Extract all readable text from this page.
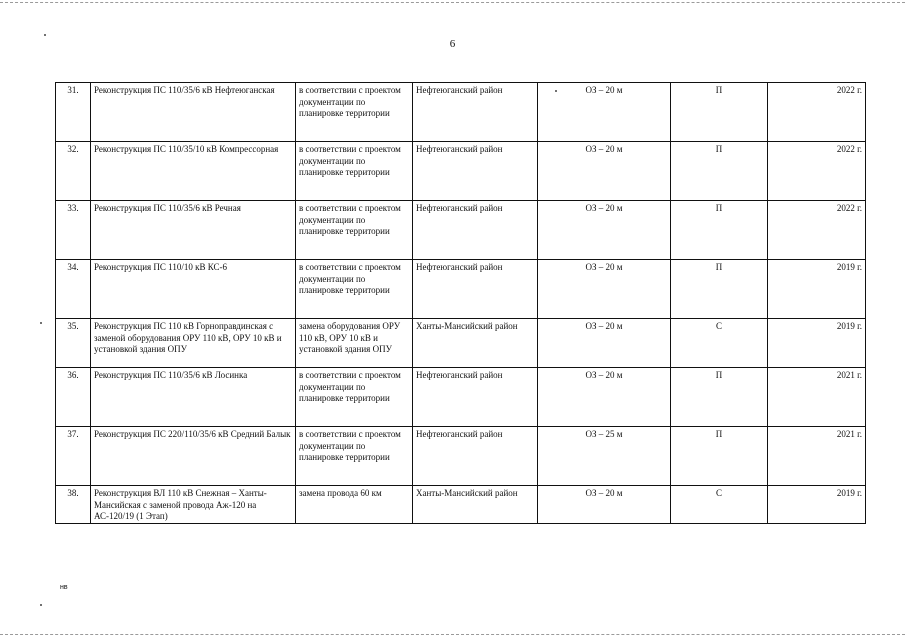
6
31.	Реконструкция ПС 110/35/6 кВ Нефтеюганская	в соответствии с проектом документации по планировке территории	Нефтеюганский район	ОЗ – 20 м	П	2022 г.
32.	Реконструкция ПС 110/35/10 кВ Компрессорная	в соответствии с проектом документации по планировке территории	Нефтеюганский район	ОЗ – 20 м	П	2022 г.
33.	Реконструкция ПС 110/35/6 кВ Речная	в соответствии с проектом документации по планировке территории	Нефтеюганский район	ОЗ – 20 м	П	2022 г.
34.	Реконструкция ПС 110/10 кВ КС-6	в соответствии с проектом документации по планировке территории	Нефтеюганский район	ОЗ – 20 м	П	2019 г.
35.	Реконструкция ПС 110 кВ Горноправдинская с заменой оборудования ОРУ 110 кВ, ОРУ 10 кВ и установкой здания ОПУ	замена оборудования ОРУ 110 кВ, ОРУ 10 кВ и установкой здания ОПУ	Ханты-Мансийский район	ОЗ – 20 м	С	2019 г.
36.	Реконструкция ПС 110/35/6 кВ Лосинка	в соответствии с проектом документации по планировке территории	Нефтеюганский район	ОЗ – 20 м	П	2021 г.
37.	Реконструкция ПС 220/110/35/6 кВ Средний Балык	в соответствии с проектом документации по планировке территории	Нефтеюганский район	ОЗ – 25 м	П	2021 г.
38.	Реконструкция ВЛ 110 кВ Снежная – Ханты-Мансийская с заменой провода Аж-120 на АС-120/19 (1 Этап)	замена провода 60 км	Ханты-Мансийский район	ОЗ – 20 м	С	2019 г.
нв
